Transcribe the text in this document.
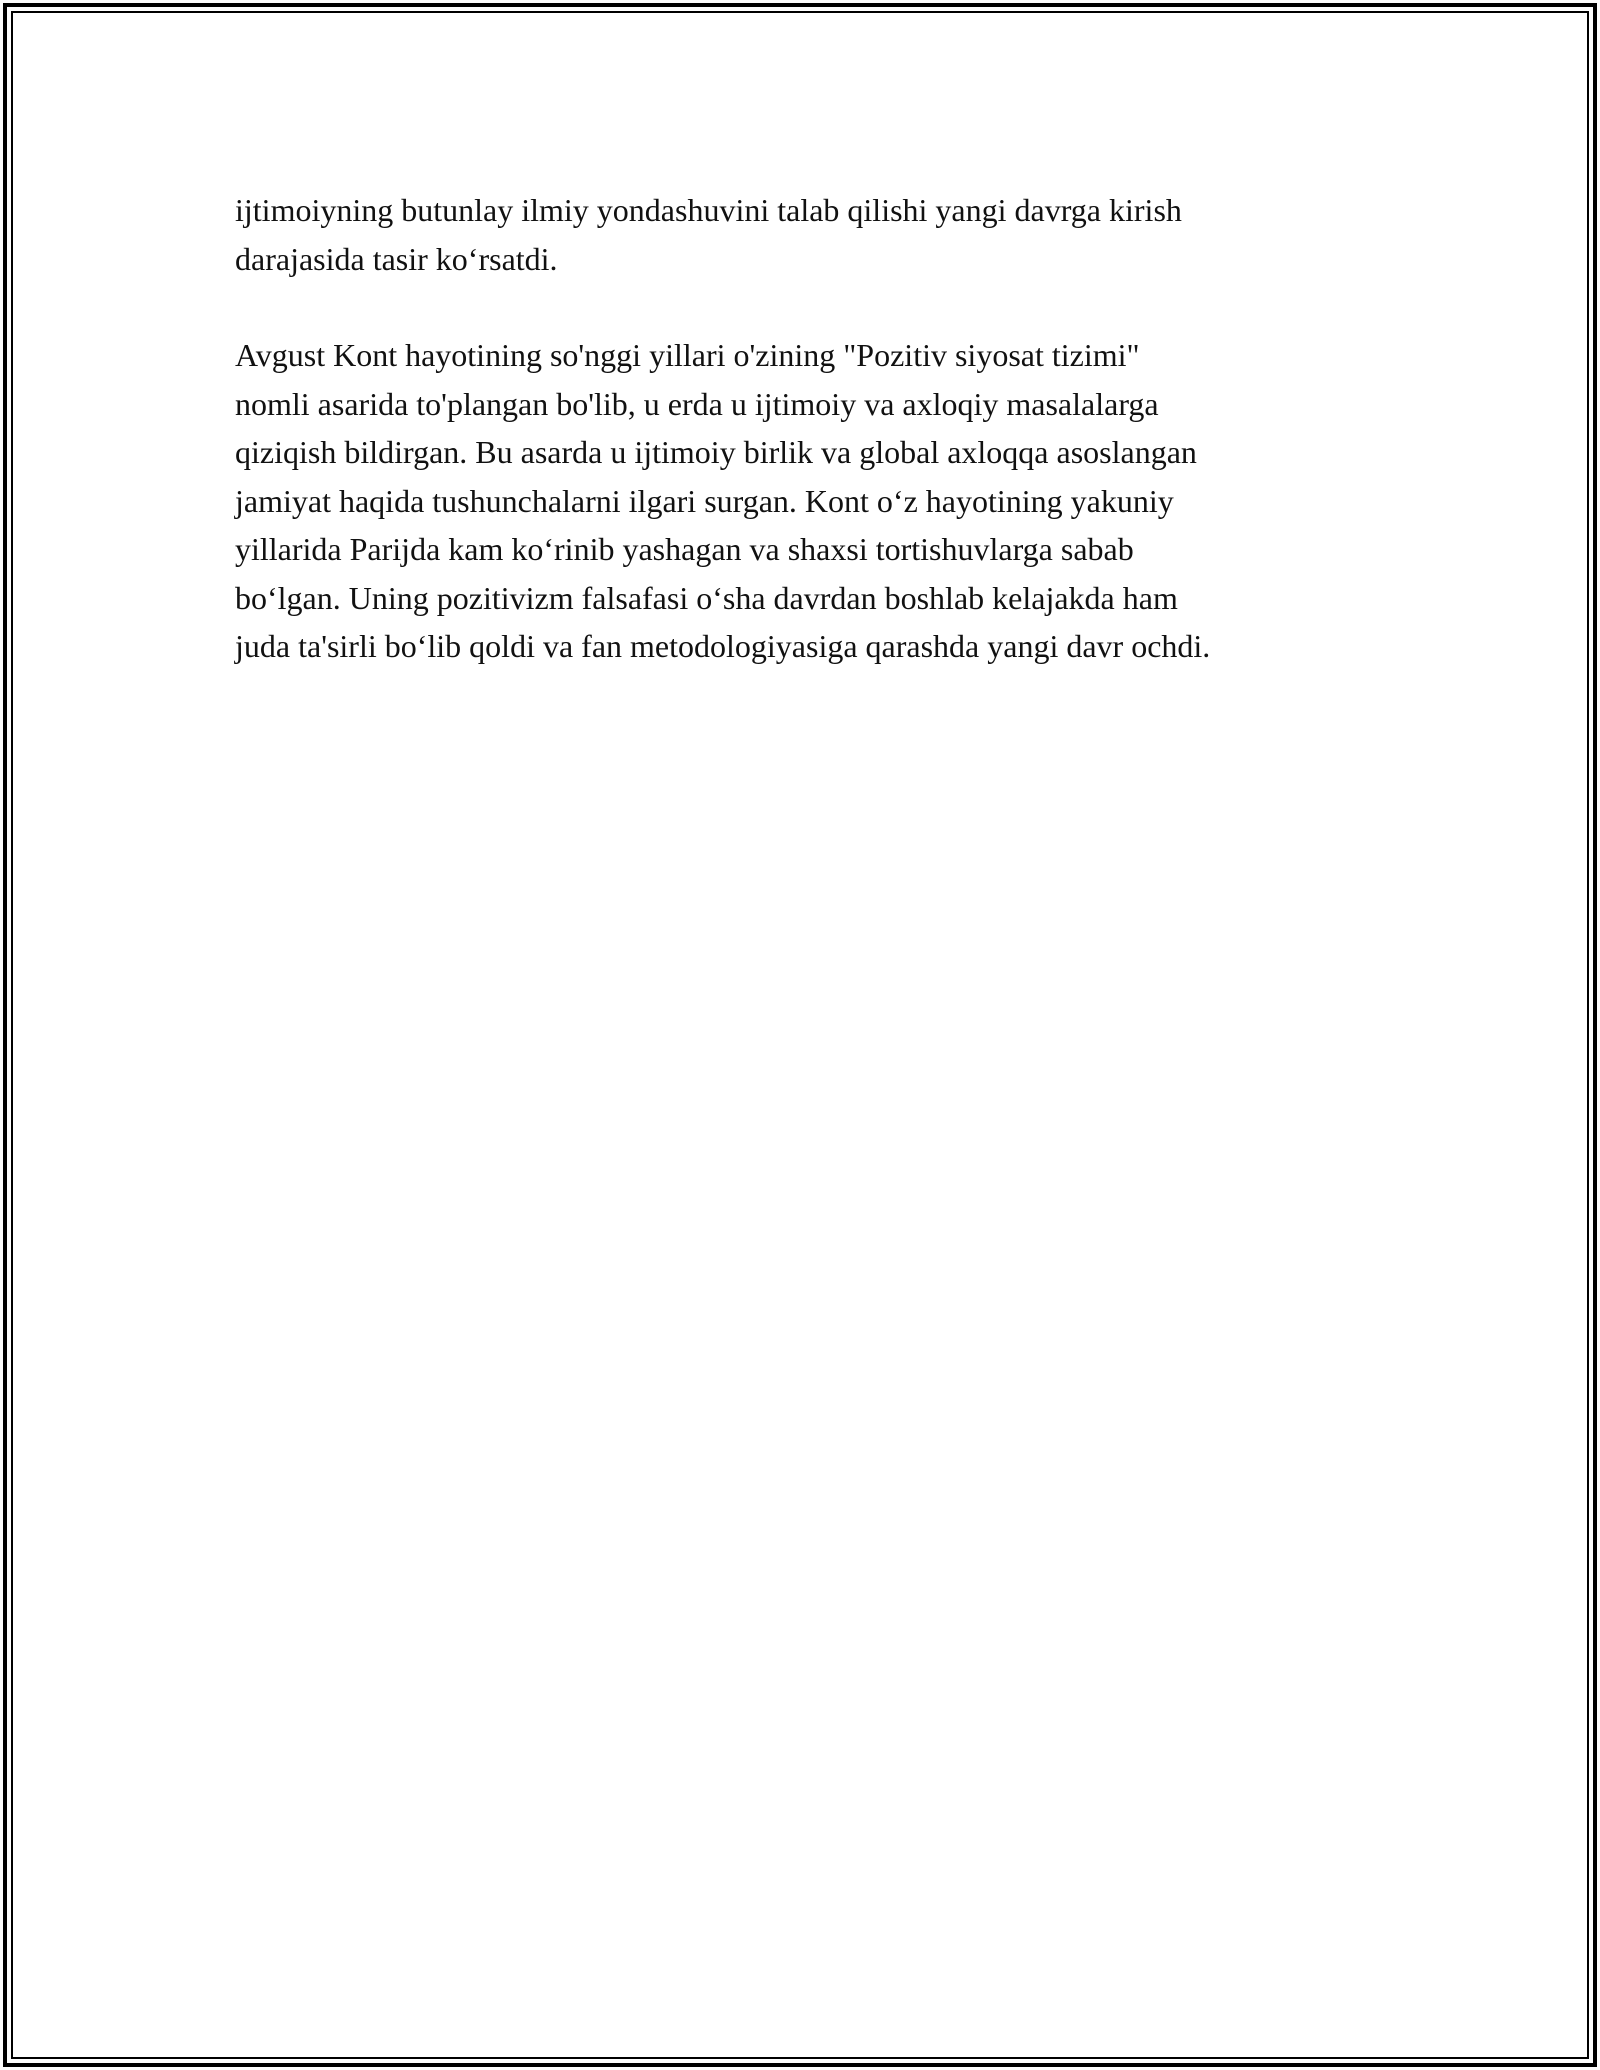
ijtimoiyning butunlay ilmiy yondashuvini talab qilishi yangi davrga kirish
darajasida tasir ko‘rsatdi.

Avgust Kont hayotining so'nggi yillari o'zining "Pozitiv siyosat tizimi"
nomli asarida to'plangan bo'lib, u erda u ijtimoiy va axloqiy masalalarga
qiziqish bildirgan. Bu asarda u ijtimoiy birlik va global axloqqa asoslangan
jamiyat haqida tushunchalarni ilgari surgan. Kont o‘z hayotining yakuniy
yillarida Parijda kam ko‘rinib yashagan va shaxsi tortishuvlarga sabab
bo‘lgan. Uning pozitivizm falsafasi o‘sha davrdan boshlab kelajakda ham
juda ta'sirli bo‘lib qoldi va fan metodologiyasiga qarashda yangi davr ochdi.
